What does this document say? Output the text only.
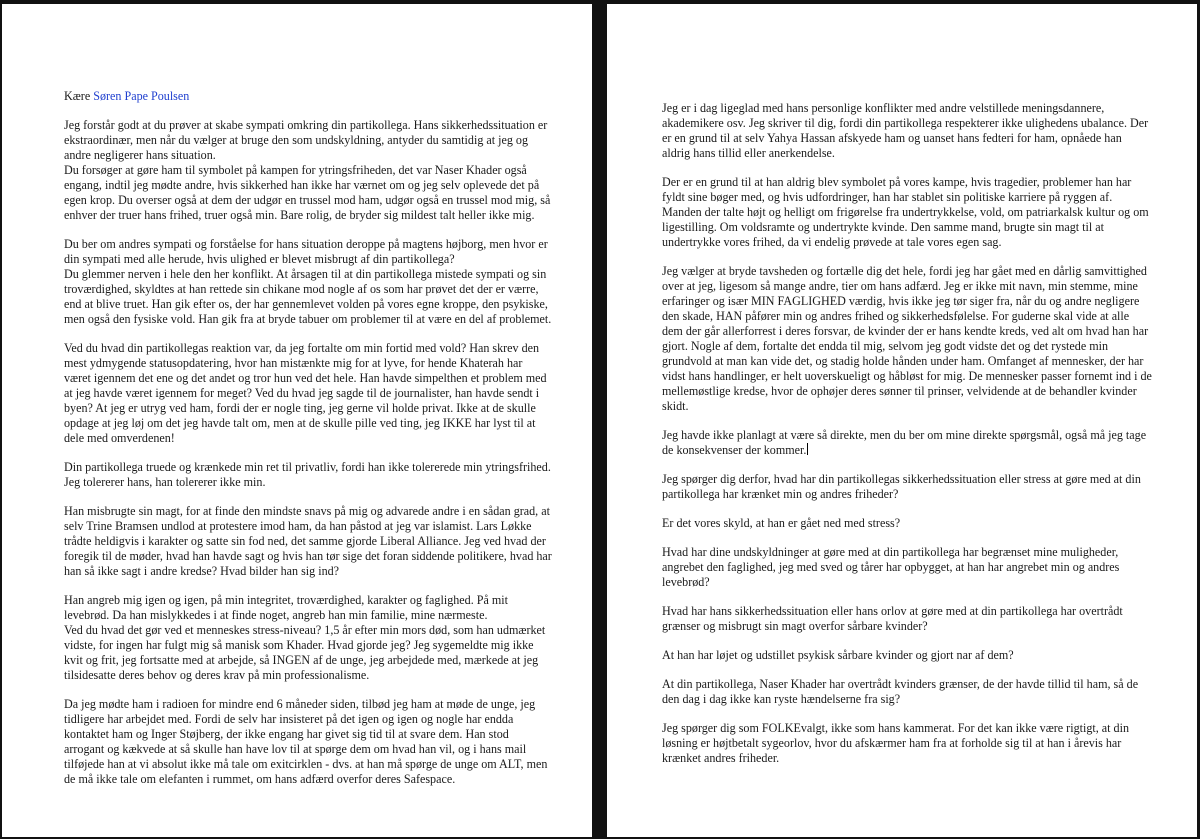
Kære Søren Pape Poulsen

Jeg forstår godt at du prøver at skabe sympati omkring din partikollega. Hans sikkerhedssituation er ekstraordinær, men når du vælger at bruge den som undskyldning, antyder du samtidig at jeg og andre negligerer hans situation.

Du forsøger at gøre ham til symbolet på kampen for ytringsfriheden, det var Naser Khader også engang, indtil jeg mødte andre, hvis sikkerhed han ikke har værnet om og jeg selv oplevede det på egen krop. Du overser også at dem der udgør en trussel mod ham, udgør også en trussel mod mig, så enhver der truer hans frihed, truer også min. Bare rolig, de bryder sig mildest talt heller ikke mig.

Du ber om andres sympati og forståelse for hans situation deroppe på magtens højborg, men hvor er din sympati med alle herude, hvis ulighed er blevet misbrugt af din partikollega?

Du glemmer nerven i hele den her konflikt. At årsagen til at din partikollega mistede sympati og sin troværdighed, skyldtes at han rettede sin chikane mod nogle af os som har prøvet det der er værre, end at blive truet. Han gik efter os, der har gennemlevet volden på vores egne kroppe, den psykiske, men også den fysiske vold. Han gik fra at bryde tabuer om problemer til at være en del af problemet.

Ved du hvad din partikollegas reaktion var, da jeg fortalte om min fortid med vold? Han skrev den mest ydmygende statusopdatering, hvor han mistænkte mig for at lyve, for hende Khaterah har været igennem det ene og det andet og tror hun ved det hele. Han havde simpelthen et problem med at jeg havde været igennem for meget? Ved du hvad jeg sagde til de journalister, han havde sendt i byen? At jeg er utryg ved ham, fordi der er nogle ting, jeg gerne vil holde privat. Ikke at de skulle opdage at jeg løj om det jeg havde talt om, men at de skulle pille ved ting, jeg IKKE har lyst til at dele med omverdenen!

Din partikollega truede og krænkede min ret til privatliv, fordi han ikke tolererede min ytringsfrihed. Jeg tolererer hans, han tolererer ikke min.

Han misbrugte sin magt, for at finde den mindste snavs på mig og advarede andre i en sådan grad, at selv Trine Bramsen undlod at protestere imod ham, da han påstod at jeg var islamist. Lars Løkke trådte heldigvis i karakter og satte sin fod ned, det samme gjorde Liberal Alliance. Jeg ved hvad der foregik til de møder, hvad han havde sagt og hvis han tør sige det foran siddende politikere, hvad har han så ikke sagt i andre kredse? Hvad bilder han sig ind?

Han angreb mig igen og igen, på min integritet, troværdighed, karakter og faglighed. På mit levebrød. Da han mislykkedes i at finde noget, angreb han min familie, mine nærmeste.

Ved du hvad det gør ved et menneskes stress-niveau? 1,5 år efter min mors død, som han udmærket vidste, for ingen har fulgt mig så manisk som Khader. Hvad gjorde jeg? Jeg sygemeldte mig ikke kvit og frit, jeg fortsatte med at arbejde, så INGEN af de unge, jeg arbejdede med, mærkede at jeg tilsidesatte deres behov og deres krav på min professionalisme.

Da jeg mødte ham i radioen for mindre end 6 måneder siden, tilbød jeg ham at møde de unge, jeg tidligere har arbejdet med. Fordi de selv har insisteret på det igen og igen og nogle har endda kontaktet ham og Inger Støjberg, der ikke engang har givet sig tid til at svare dem. Han stod arrogant og kækvede at så skulle han have lov til at spørge dem om hvad han vil, og i hans mail tilføjede han at vi absolut ikke må tale om exitcirklen - dvs. at han må spørge de unge om ALT, men de må ikke tale om elefanten i rummet, om hans adfærd overfor deres Safespace.

Jeg er i dag ligeglad med hans personlige konflikter med andre velstillede meningsdannere, akademikere osv. Jeg skriver til dig, fordi din partikollega respekterer ikke ulighedens ubalance. Der er en grund til at selv Yahya Hassan afskyede ham og uanset hans fedteri for ham, opnåede han aldrig hans tillid eller anerkendelse.

Der er en grund til at han aldrig blev symbolet på vores kampe, hvis tragedier, problemer han har fyldt sine bøger med, og hvis udfordringer, han har stablet sin politiske karriere på ryggen af. Manden der talte højt og helligt om frigørelse fra undertrykkelse, vold, om patriarkalsk kultur og om ligestilling. Om voldsramte og undertrykte kvinde. Den samme mand, brugte sin magt til at undertrykke vores frihed, da vi endelig prøvede at tale vores egen sag.

Jeg vælger at bryde tavsheden og fortælle dig det hele, fordi jeg har gået med en dårlig samvittighed over at jeg, ligesom så mange andre, tier om hans adfærd. Jeg er ikke mit navn, min stemme, mine erfaringer og især MIN FAGLIGHED værdig, hvis ikke jeg tør siger fra, når du og andre negligere den skade, HAN påfører min og andres frihed og sikkerhedsfølelse. For guderne skal vide at alle dem der går allerforrest i deres forsvar, de kvinder der er hans kendte kreds, ved alt om hvad han har gjort. Nogle af dem, fortalte det endda til mig, selvom jeg godt vidste det og det rystede min grundvold at man kan vide det, og stadig holde hånden under ham. Omfanget af mennesker, der har vidst hans handlinger, er helt uoverskueligt og håbløst for mig. De mennesker passer fornemt ind i de mellemøstlige kredse, hvor de ophøjer deres sønner til prinser, velvidende at de behandler kvinder skidt.

Jeg havde ikke planlagt at være så direkte, men du ber om mine direkte spørgsmål, også må jeg tage de konsekvenser der kommer.

Jeg spørger dig derfor, hvad har din partikollegas sikkerhedssituation eller stress at gøre med at din partikollega har krænket min og andres friheder?

Er det vores skyld, at han er gået ned med stress?

Hvad har dine undskyldninger at gøre med at din partikollega har begrænset mine muligheder, angrebet den faglighed, jeg med sved og tårer har opbygget, at han har angrebet min og andres levebrød?

Hvad har hans sikkerhedssituation eller hans orlov at gøre med at din partikollega har overtrådt grænser og misbrugt sin magt overfor sårbare kvinder?

At han har løjet og udstillet psykisk sårbare kvinder og gjort nar af dem?

At din partikollega, Naser Khader har overtrådt kvinders grænser, de der havde tillid til ham, så de den dag i dag ikke kan ryste hændelserne fra sig?

Jeg spørger dig som FOLKEvalgt, ikke som hans kammerat. For det kan ikke være rigtigt, at din løsning er højtbetalt sygeorlov, hvor du afskærmer ham fra at forholde sig til at han i årevis har krænket andres friheder.
